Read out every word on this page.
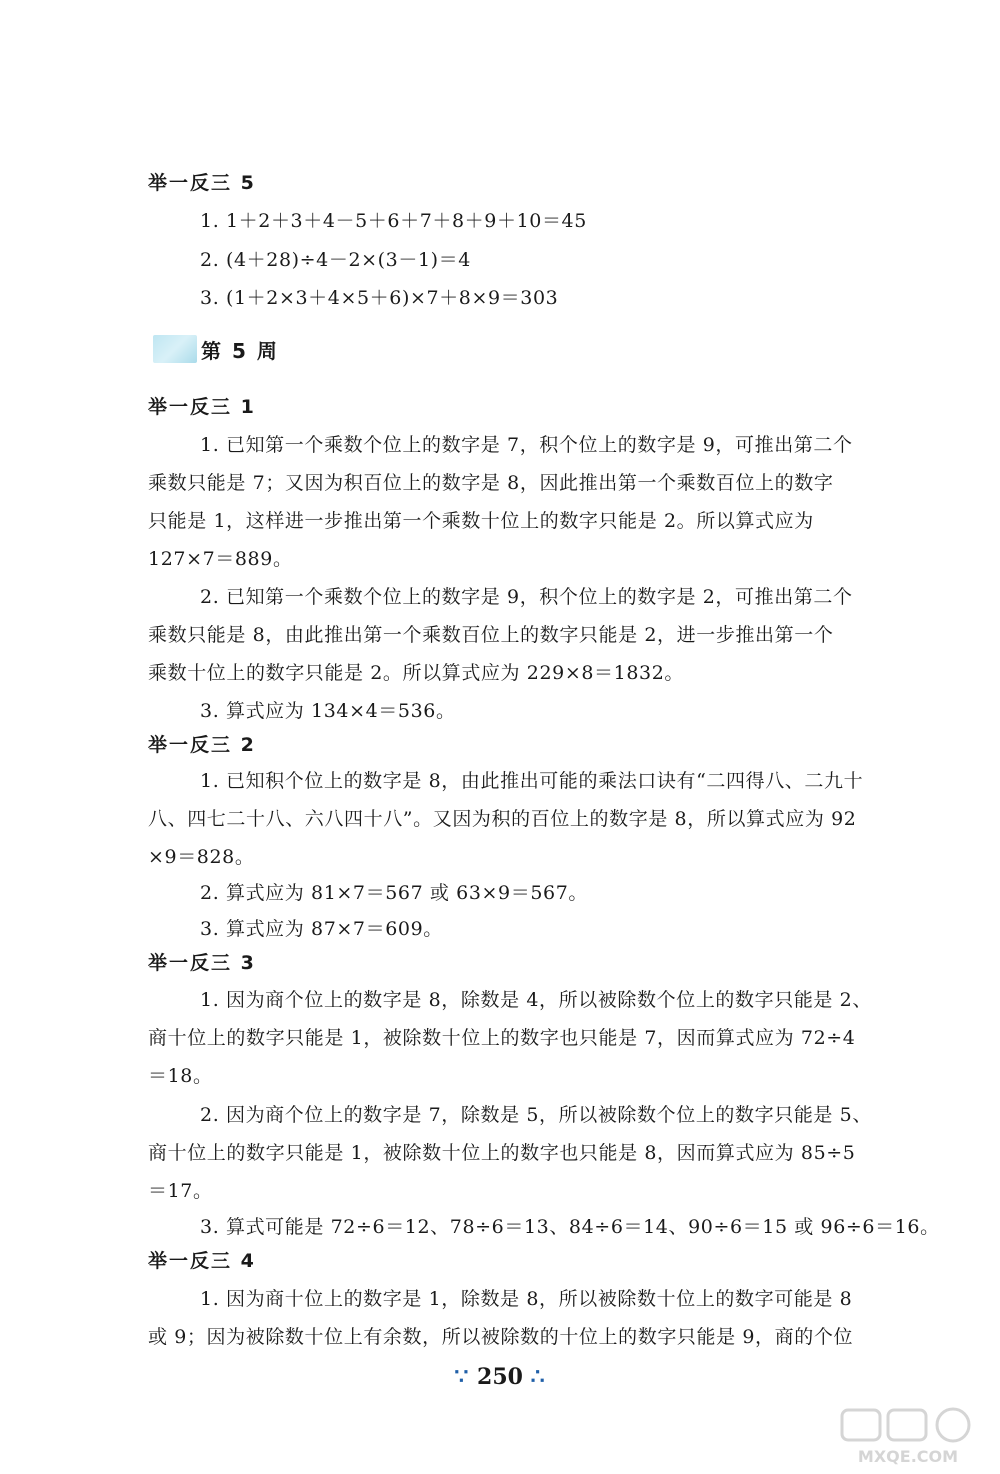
举一反三 5
1. 1＋2＋3＋4－5＋6＋7＋8＋9＋10＝45
2. (4＋28)÷4－2×(3－1)＝4
3. (1＋2×3＋4×5＋6)×7＋8×9＝303
第 5 周
举一反三 1
1. 已知第一个乘数个位上的数字是 7，积个位上的数字是 9，可推出第二个
乘数只能是 7；又因为积百位上的数字是 8，因此推出第一个乘数百位上的数字
只能是 1，这样进一步推出第一个乘数十位上的数字只能是 2。所以算式应为
127×7＝889。
2. 已知第一个乘数个位上的数字是 9，积个位上的数字是 2，可推出第二个
乘数只能是 8，由此推出第一个乘数百位上的数字只能是 2，进一步推出第一个
乘数十位上的数字只能是 2。所以算式应为 229×8＝1832。
3. 算式应为 134×4＝536。
举一反三 2
1. 已知积个位上的数字是 8，由此推出可能的乘法口诀有“二四得八、二九十
八、四七二十八、六八四十八”。又因为积的百位上的数字是 8，所以算式应为 92
×9＝828。
2. 算式应为 81×7＝567 或 63×9＝567。
3. 算式应为 87×7＝609。
举一反三 3
1. 因为商个位上的数字是 8，除数是 4，所以被除数个位上的数字只能是 2、
商十位上的数字只能是 1，被除数十位上的数字也只能是 7，因而算式应为 72÷4
＝18。
2. 因为商个位上的数字是 7，除数是 5，所以被除数个位上的数字只能是 5、
商十位上的数字只能是 1，被除数十位上的数字也只能是 8，因而算式应为 85÷5
＝17。
3. 算式可能是 72÷6＝12、78÷6＝13、84÷6＝14、90÷6＝15 或 96÷6＝16。
举一反三 4
1. 因为商十位上的数字是 1，除数是 8，所以被除数十位上的数字可能是 8
或 9；因为被除数十位上有余数，所以被除数的十位上的数字只能是 9，商的个位
∵ 250 ∴
MXQE.COM
